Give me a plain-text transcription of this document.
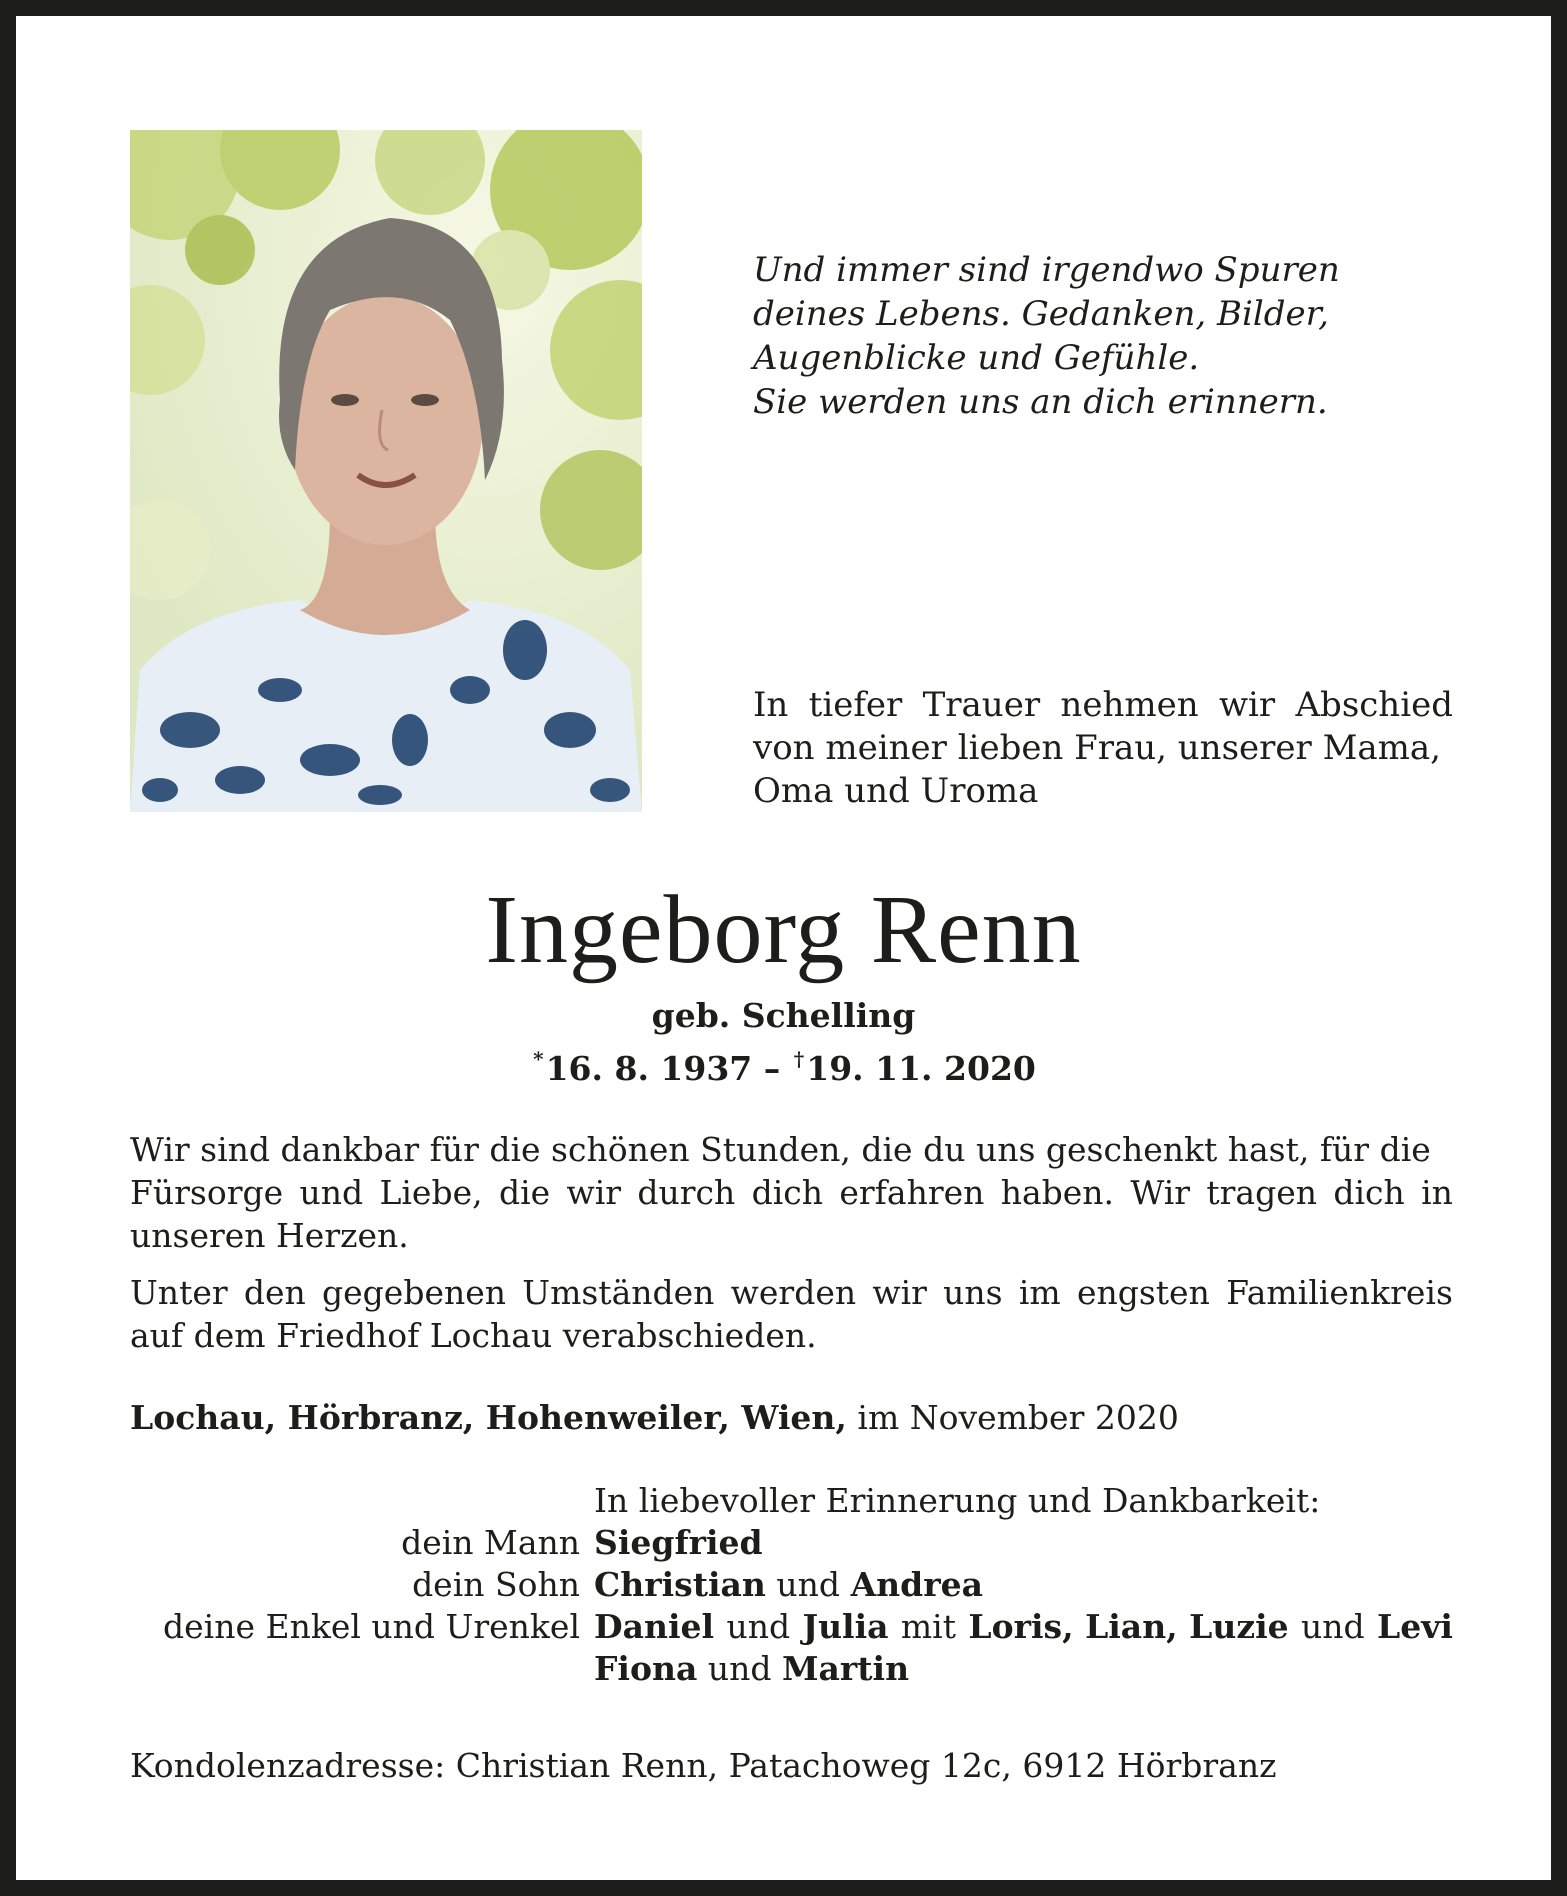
Und immer sind irgendwo Spuren
deines Lebens. Gedanken, Bilder,
Augenblicke und Gefühle.
Sie werden uns an dich erinnern.
In tiefer Trauer nehmen wir Abschied
von meiner lieben Frau, unserer Mama,
Oma und Uroma
Ingeborg Renn
geb. Schelling
*16. 8. 1937 – †19. 11. 2020
Wir sind dankbar für die schönen Stunden, die du uns geschenkt hast, für die
Fürsorge und Liebe, die wir durch dich erfahren haben. Wir tragen dich in
unseren Herzen.
Unter den gegebenen Umständen werden wir uns im engsten Familienkreis
auf dem Friedhof Lochau verabschieden.
Lochau, Hörbranz, Hohenweiler, Wien, im November 2020
In liebevoller Erinnerung und Dankbarkeit:
dein Mann Siegfried
dein Sohn Christian und Andrea
deine Enkel und Urenkel Daniel und Julia mit Loris, Lian, Luzie und Levi
Fiona und Martin
Kondolenzadresse: Christian Renn, Patachoweg 12c, 6912 Hörbranz
